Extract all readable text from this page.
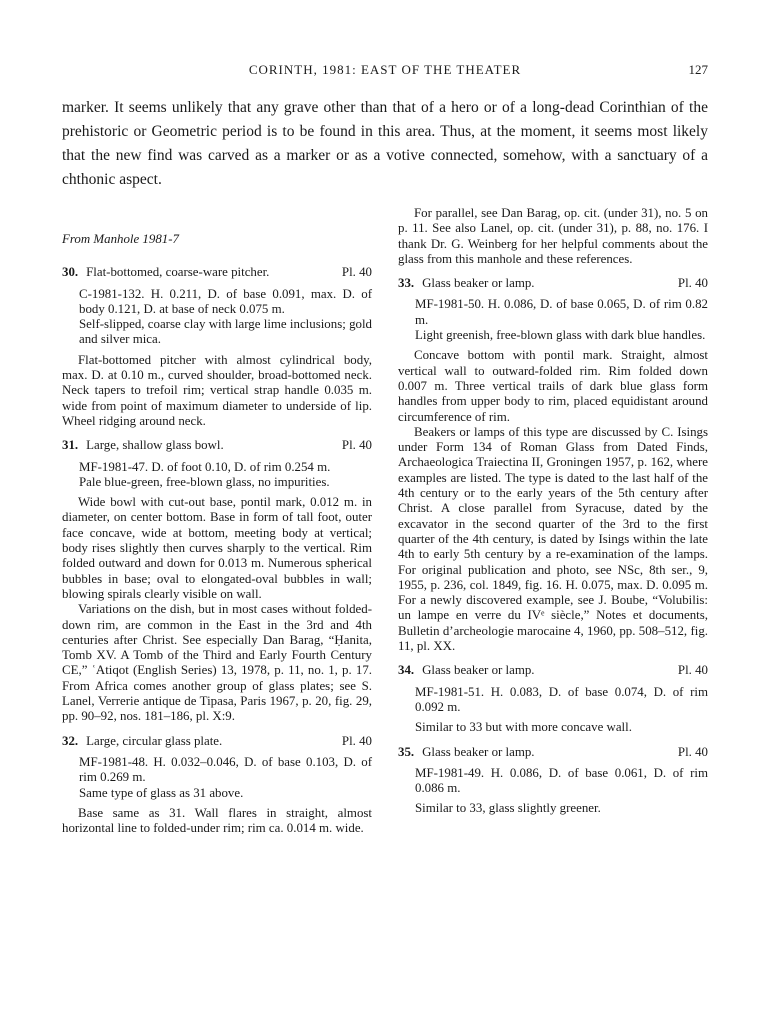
CORINTH, 1981: EAST OF THE THEATER	127
marker. It seems unlikely that any grave other than that of a hero or of a long-dead Corinthian of the prehistoric or Geometric period is to be found in this area. Thus, at the moment, it seems most likely that the new find was carved as a marker or as a votive connected, somehow, with a sanctuary of a chthonic aspect.

From Manhole 1981-7

30. Flat-bottomed, coarse-ware pitcher.	Pl. 40
C-1981-132. H. 0.211, D. of base 0.091, max. D. of body 0.121, D. at base of neck 0.075 m.
Self-slipped, coarse clay with large lime inclusions; gold and silver mica.

Flat-bottomed pitcher with almost cylindrical body, max. D. at 0.10 m., curved shoulder, broad-bottomed neck. Neck tapers to trefoil rim; vertical strap handle 0.035 m. wide from point of maximum diameter to underside of lip. Wheel ridging around neck.

31. Large, shallow glass bowl.	Pl. 40
MF-1981-47. D. of foot 0.10, D. of rim 0.254 m.
Pale blue-green, free-blown glass, no impurities.

Wide bowl with cut-out base, pontil mark, 0.012 m. in diameter, on center bottom. Base in form of tall foot, outer face concave, wide at bottom, meeting body at vertical; body rises slightly then curves sharply to the vertical. Rim folded outward and down for 0.013 m. Numerous spherical bubbles in base; oval to elongated-oval bubbles in wall; blowing spirals clearly visible on wall.

Variations on the dish, but in most cases without folded-down rim, are common in the East in the 3rd and 4th centuries after Christ. See especially Dan Barag, “Ḥanita, Tomb XV. A Tomb of the Third and Early Fourth Century CE,” ʿAtiqot (English Series) 13, 1978, p. 11, no. 1, p. 17. From Africa comes another group of glass plates; see S. Lanel, Verrerie antique de Tipasa, Paris 1967, p. 20, fig. 29, pp. 90–92, nos. 181–186, pl. X:9.

32. Large, circular glass plate.	Pl. 40
MF-1981-48. H. 0.032–0.046, D. of base 0.103, D. of rim 0.269 m.
Same type of glass as 31 above.

Base same as 31. Wall flares in straight, almost horizontal line to folded-under rim; rim ca. 0.014 m. wide.

For parallel, see Dan Barag, op. cit. (under 31), no. 5 on p. 11. See also Lanel, op. cit. (under 31), p. 88, no. 176. I thank Dr. G. Weinberg for her helpful comments about the glass from this manhole and these references.

33. Glass beaker or lamp.	Pl. 40
MF-1981-50. H. 0.086, D. of base 0.065, D. of rim 0.82 m.
Light greenish, free-blown glass with dark blue handles.

Concave bottom with pontil mark. Straight, almost vertical wall to outward-folded rim. Rim folded down 0.007 m. Three vertical trails of dark blue glass form handles from upper body to rim, placed equidistant around circumference of rim.

Beakers or lamps of this type are discussed by C. Isings under Form 134 of Roman Glass from Dated Finds, Archaeologica Traiectina II, Groningen 1957, p. 162, where examples are listed. The type is dated to the last half of the 4th century or to the early years of the 5th century after Christ. A close parallel from Syracuse, dated by the excavator in the second quarter of the 3rd to the first quarter of the 4th century, is dated by Isings within the late 4th to early 5th century by a re-examination of the lamps. For original publication and photo, see NSc, 8th ser., 9, 1955, p. 236, col. 1849, fig. 16. H. 0.075, max. D. 0.095 m. For a newly discovered example, see J. Boube, “Volubilis: un lampe en verre du IVᵉ siècle,” Notes et documents, Bulletin d’archeologie marocaine 4, 1960, pp. 508–512, fig. 11, pl. XX.

34. Glass beaker or lamp.	Pl. 40
MF-1981-51. H. 0.083, D. of base 0.074, D. of rim 0.092 m.
Similar to 33 but with more concave wall.
35. Glass beaker or lamp.	Pl. 40
MF-1981-49. H. 0.086, D. of base 0.061, D. of rim 0.086 m.
Similar to 33, glass slightly greener.
